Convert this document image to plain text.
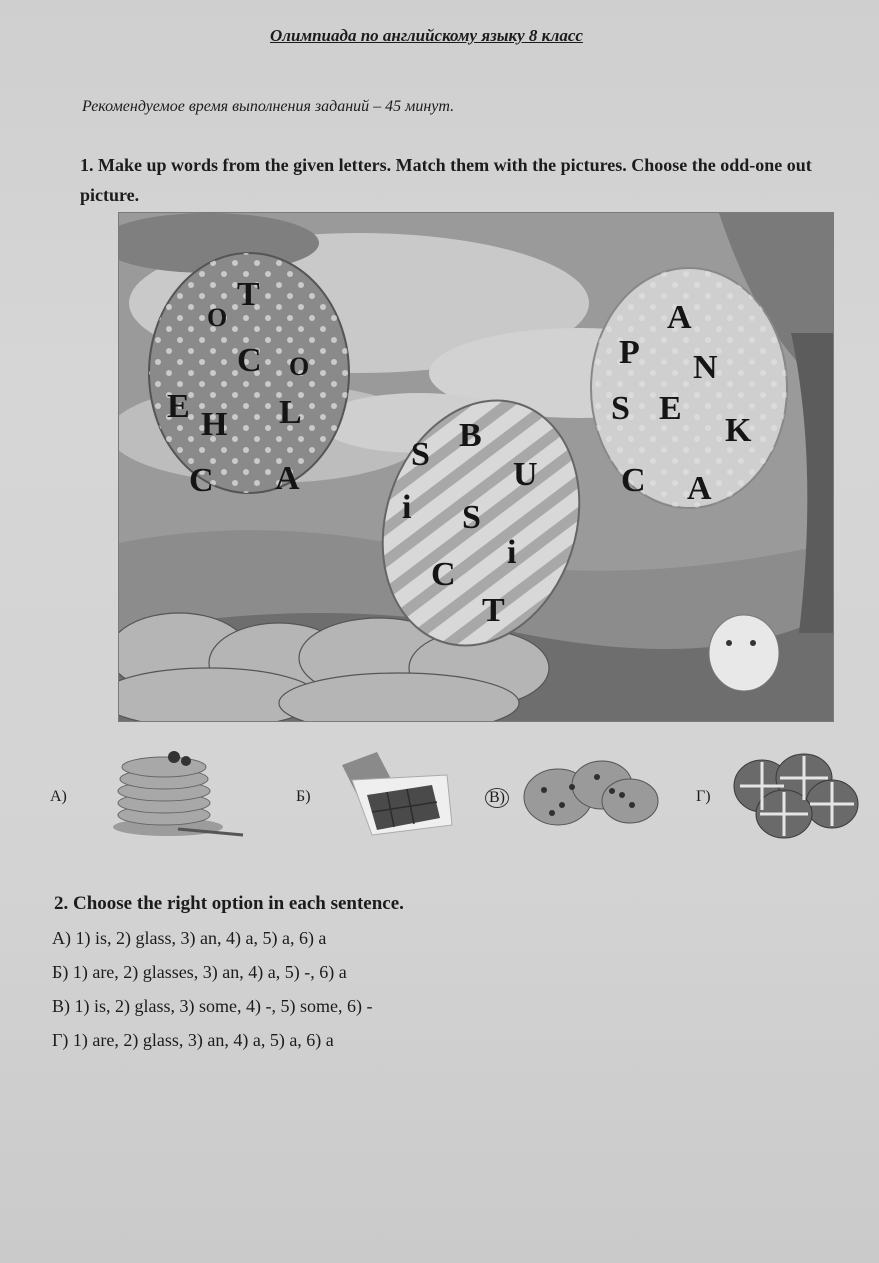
Олимпиада по английскому языку 8 класс
Рекомендуемое время выполнения заданий – 45 минут.
1. Make up words from the given letters. Match them with the pictures. Choose the odd-one out picture.
O
T
C O
E H L
C A
S
B
U
i S
C
i
T
A
P N
S E
K
C A
А)	Б)	В)	Г)
2. Choose the right option in each sentence.
А) 1) is, 2) glass, 3) an, 4) a, 5) a, 6) a
Б) 1) are, 2) glasses, 3) an, 4) a, 5) -, 6) a
В) 1) is, 2) glass, 3) some, 4) -, 5) some, 6) -
Г) 1) are, 2) glass, 3) an, 4) a, 5) a, 6) a
